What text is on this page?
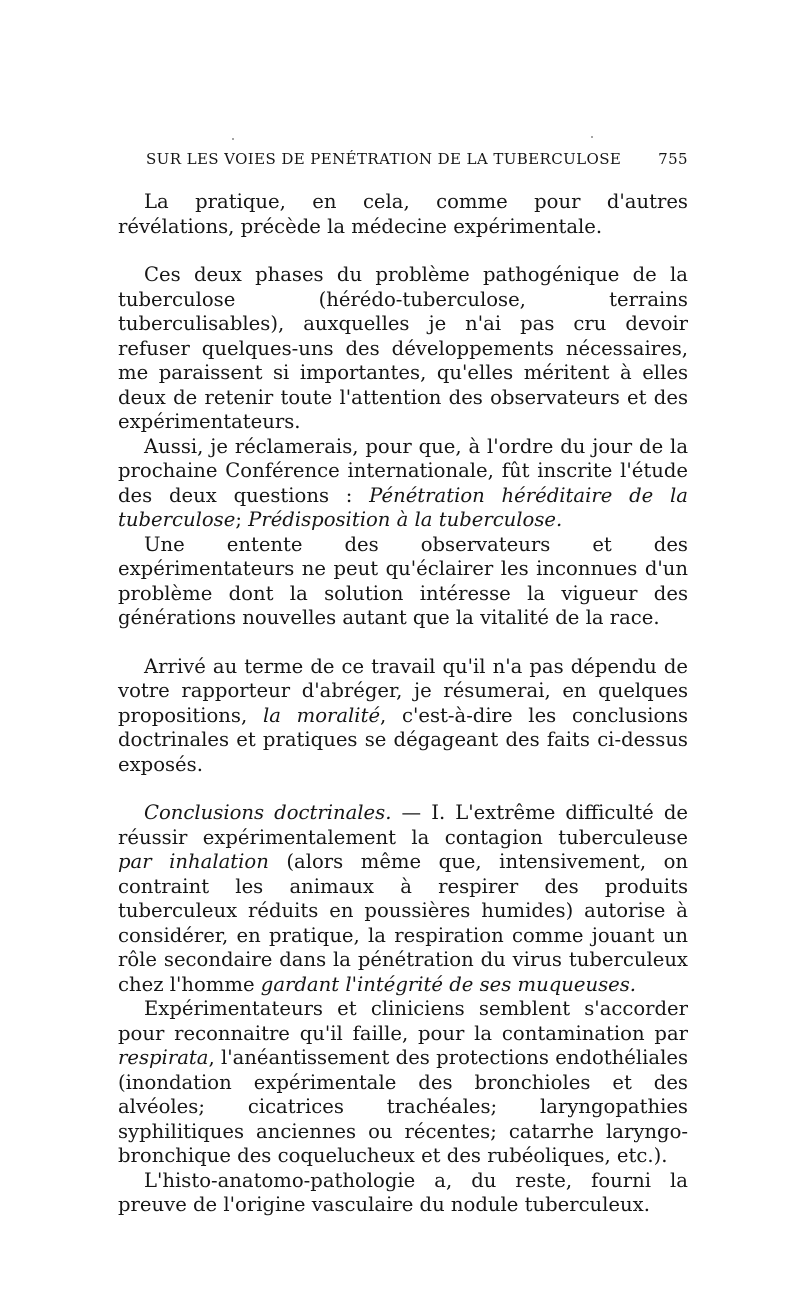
SUR LES VOIES DE PENÉTRATION DE LA TUBERCULOSE 755

La pratique, en cela, comme pour d'autres révélations, précède la médecine expérimentale.

Ces deux phases du problème pathogénique de la tuberculose (hérédo-tuberculose, terrains tuberculisables), auxquelles je n'ai pas cru devoir refuser quelques-uns des développements nécessaires, me paraissent si importantes, qu'elles méritent à elles deux de retenir toute l'attention des observateurs et des expérimentateurs.

Aussi, je réclamerais, pour que, à l'ordre du jour de la prochaine Conférence internationale, fût inscrite l'étude des deux questions : Pénétration héréditaire de la tuberculose; Prédisposition à la tuberculose.

Une entente des observateurs et des expérimentateurs ne peut qu'éclairer les inconnues d'un problème dont la solution intéresse la vigueur des générations nouvelles autant que la vitalité de la race.

Arrivé au terme de ce travail qu'il n'a pas dépendu de votre rapporteur d'abréger, je résumerai, en quelques propositions, la moralité, c'est-à-dire les conclusions doctrinales et pratiques se dégageant des faits ci-dessus exposés.

Conclusions doctrinales. — I. L'extrême difficulté de réussir expérimentalement la contagion tuberculeuse par inhalation (alors même que, intensivement, on contraint les animaux à respirer des produits tuberculeux réduits en poussières humides) autorise à considérer, en pratique, la respiration comme jouant un rôle secondaire dans la pénétration du virus tuberculeux chez l'homme gardant l'intégrité de ses muqueuses.

Expérimentateurs et cliniciens semblent s'accorder pour reconnaitre qu'il faille, pour la contamination par respirata, l'anéantissement des protections endothéliales (inondation expérimentale des bronchioles et des alvéoles; cicatrices trachéales; laryngopathies syphilitiques anciennes ou récentes; catarrhe laryngo-bronchique des coquelucheux et des rubéoliques, etc.).

L'histo-anatomo-pathologie a, du reste, fourni la preuve de l'origine vasculaire du nodule tuberculeux.
